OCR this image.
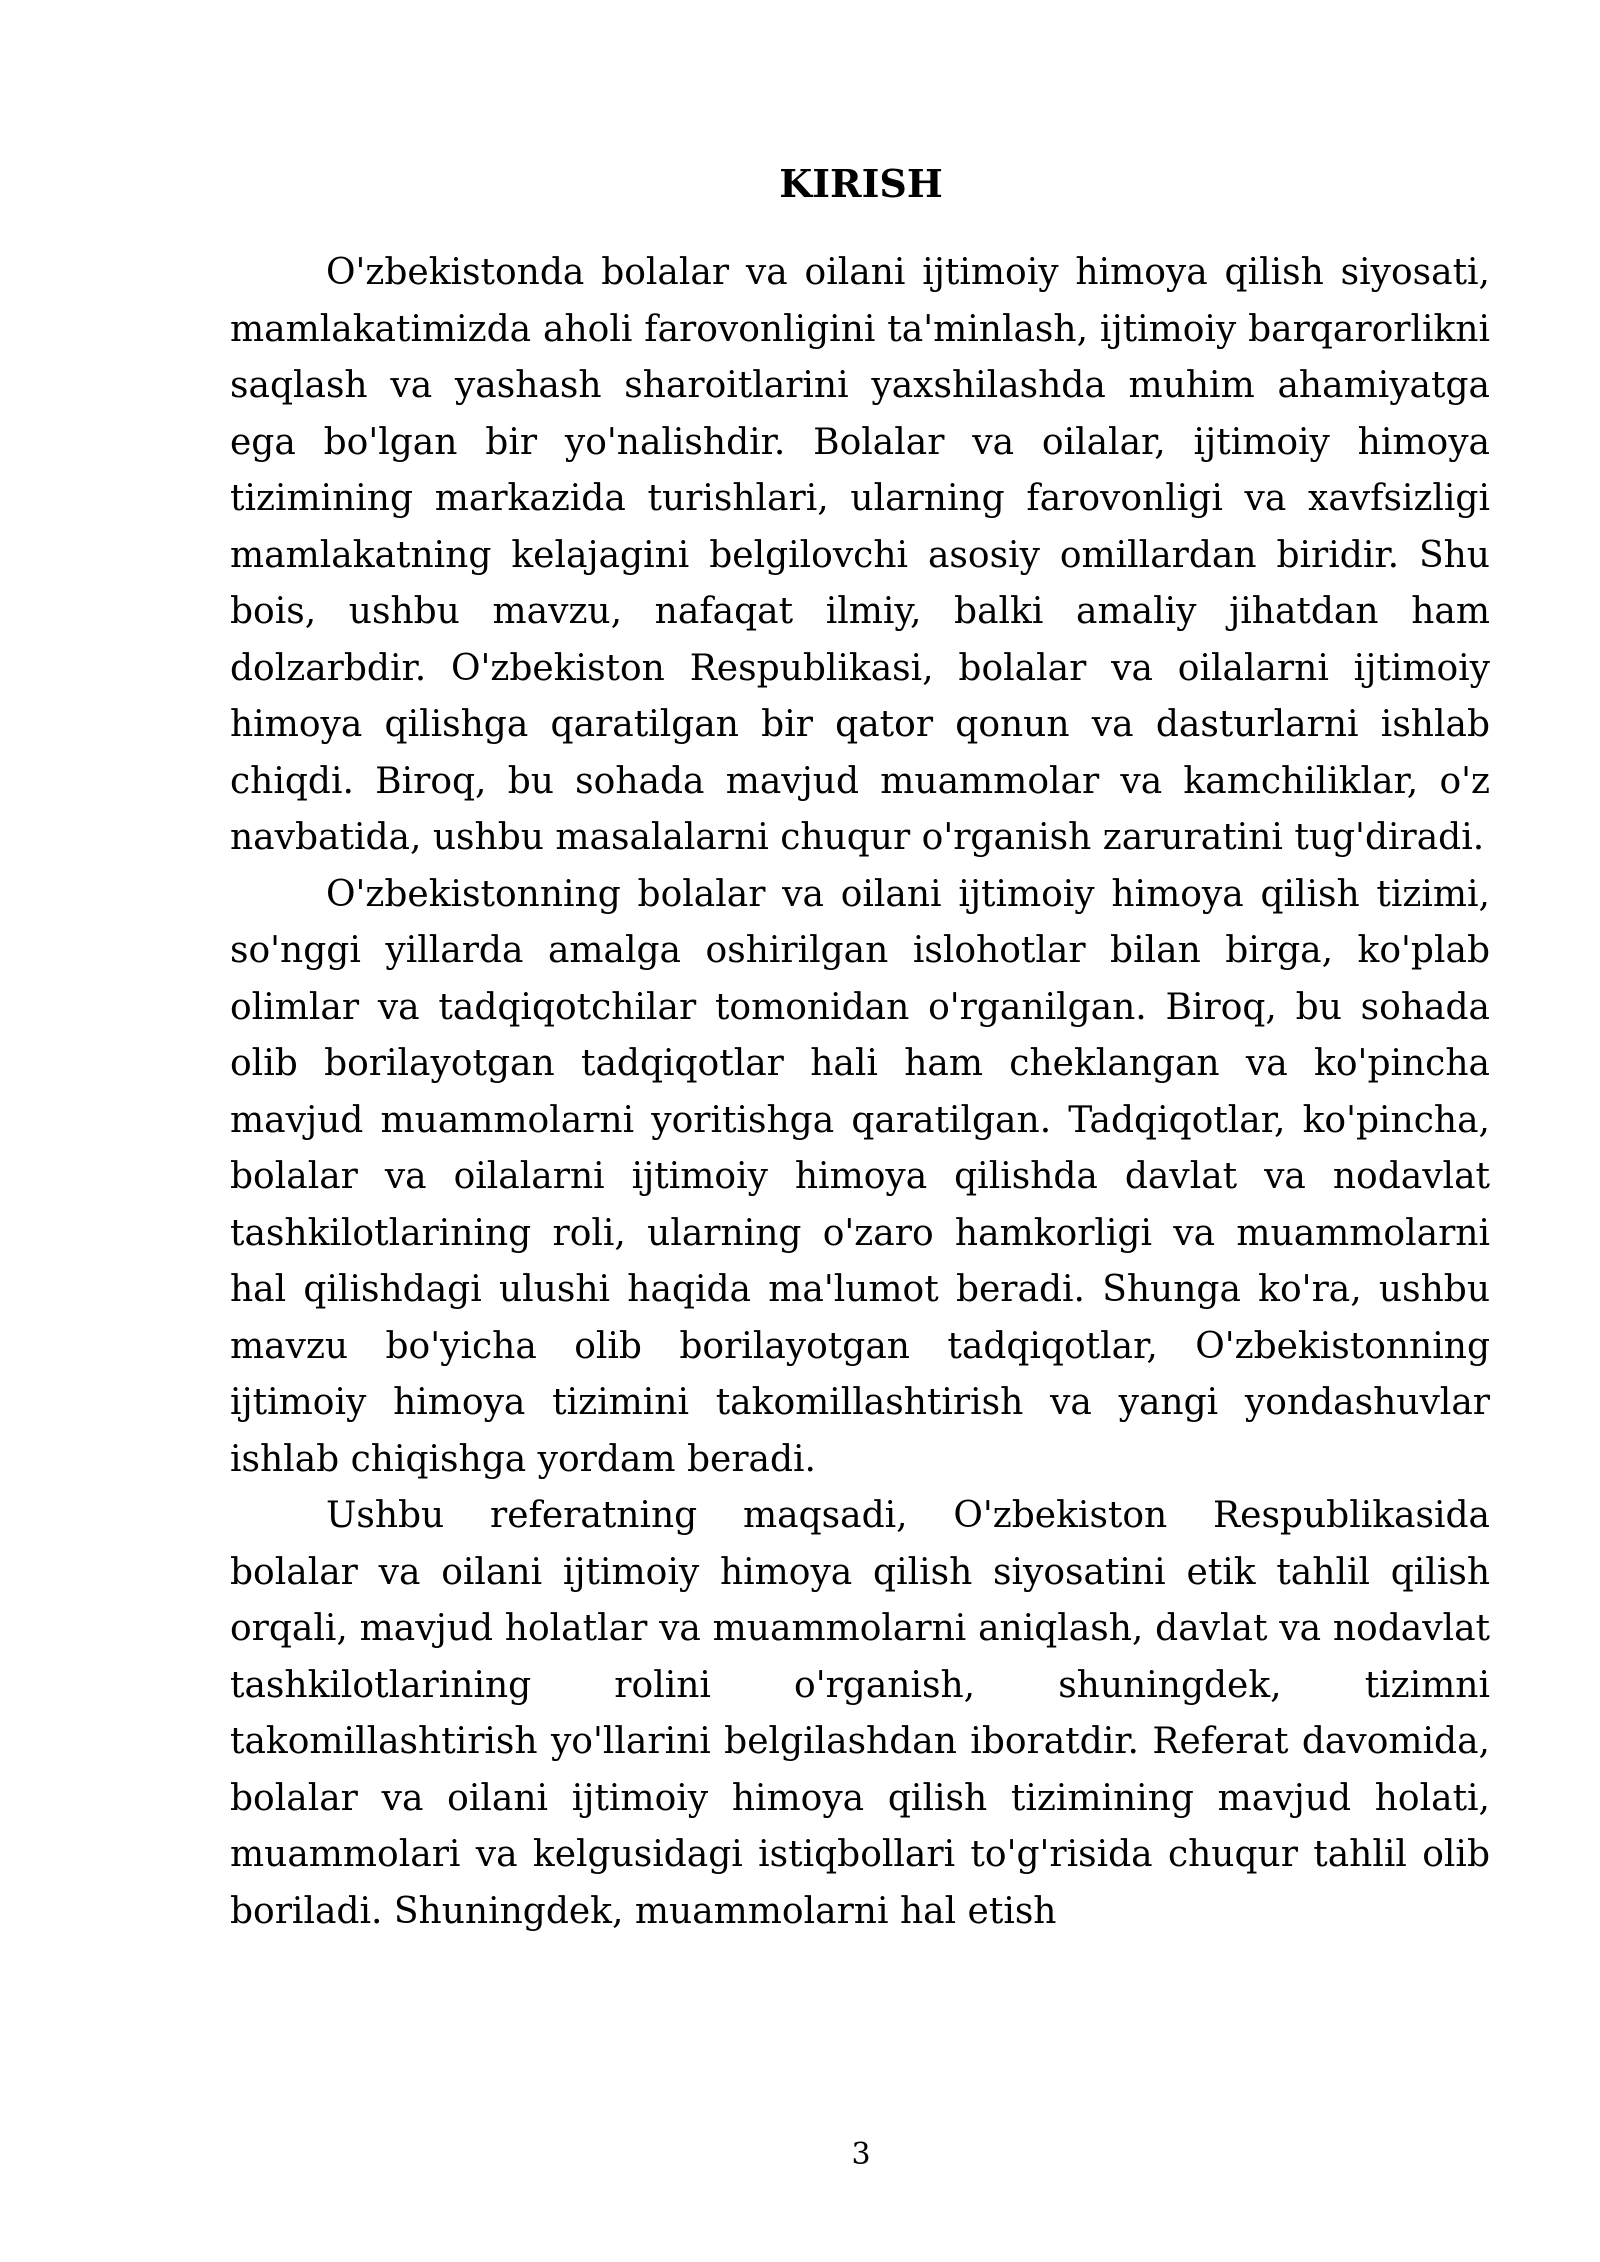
KIRISH

O'zbekistonda bolalar va oilani ijtimoiy himoya qilish siyosati, mamlakatimizda aholi farovonligini ta'minlash, ijtimoiy barqarorlikni saqlash va yashash sharoitlarini yaxshilashda muhim ahamiyatga ega bo'lgan bir yo'nalishdir. Bolalar va oilalar, ijtimoiy himoya tizimining markazida turishlari, ularning farovonligi va xavfsizligi mamlakatning kelajagini belgilovchi asosiy omillardan biridir. Shu bois, ushbu mavzu, nafaqat ilmiy, balki amaliy jihatdan ham dolzarbdir. O'zbekiston Respublikasi, bolalar va oilalarni ijtimoiy himoya qilishga qaratilgan bir qator qonun va dasturlarni ishlab chiqdi. Biroq, bu sohada mavjud muammolar va kamchiliklar, o'z navbatida, ushbu masalalarni chuqur o'rganish zaruratini tug'diradi.

O'zbekistonning bolalar va oilani ijtimoiy himoya qilish tizimi, so'nggi yillarda amalga oshirilgan islohotlar bilan birga, ko'plab olimlar va tadqiqotchilar tomonidan o'rganilgan. Biroq, bu sohada olib borilayotgan tadqiqotlar hali ham cheklangan va ko'pincha mavjud muammolarni yoritishga qaratilgan. Tadqiqotlar, ko'pincha, bolalar va oilalarni ijtimoiy himoya qilishda davlat va nodavlat tashkilotlarining roli, ularning o'zaro hamkorligi va muammolarni hal qilishdagi ulushi haqida ma'lumot beradi. Shunga ko'ra, ushbu mavzu bo'yicha olib borilayotgan tadqiqotlar, O'zbekistonning ijtimoiy himoya tizimini takomillashtirish va yangi yondashuvlar ishlab chiqishga yordam beradi.

Ushbu referatning maqsadi, O'zbekiston Respublikasida bolalar va oilani ijtimoiy himoya qilish siyosatini etik tahlil qilish orqali, mavjud holatlar va muammolarni aniqlash, davlat va nodavlat tashkilotlarining rolini o'rganish, shuningdek, tizimni takomillashtirish yo'llarini belgilashdan iboratdir. Referat davomida, bolalar va oilani ijtimoiy himoya qilish tizimining mavjud holati, muammolari va kelgusidagi istiqbollari to'g'risida chuqur tahlil olib boriladi. Shuningdek, muammolarni hal etish

3
